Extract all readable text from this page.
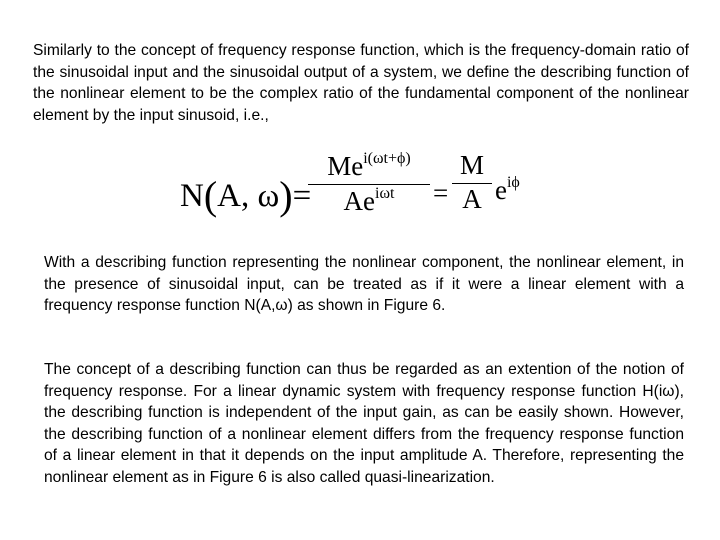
Similarly to the concept of frequency response function, which is the frequency-domain ratio of the sinusoidal input and the sinusoidal output of a system, we define the describing function of the nonlinear element to be the complex ratio of the fundamental component of the nonlinear element by the input sinusoid, i.e.,

N(A, ω)=
$Me^{i(\omega t+\phi)}$
$Ae^{i\omega t}$	=
M
A $e^{i\phi}$

With a describing function representing the nonlinear component, the nonlinear element, in the presence of sinusoidal input, can be treated as if it were a linear element with a frequency response function N(A,ω) as shown in Figure 6.

The concept of a describing function can thus be regarded as an extention of the notion of frequency response. For a linear dynamic system with frequency response function H(iω), the describing function is independent of the input gain, as can be easily shown. However, the describing function of a nonlinear element differs from the frequency response function of a linear element in that it depends on the input amplitude A. Therefore, representing the nonlinear element as in Figure 6 is also called quasi-linearization.
